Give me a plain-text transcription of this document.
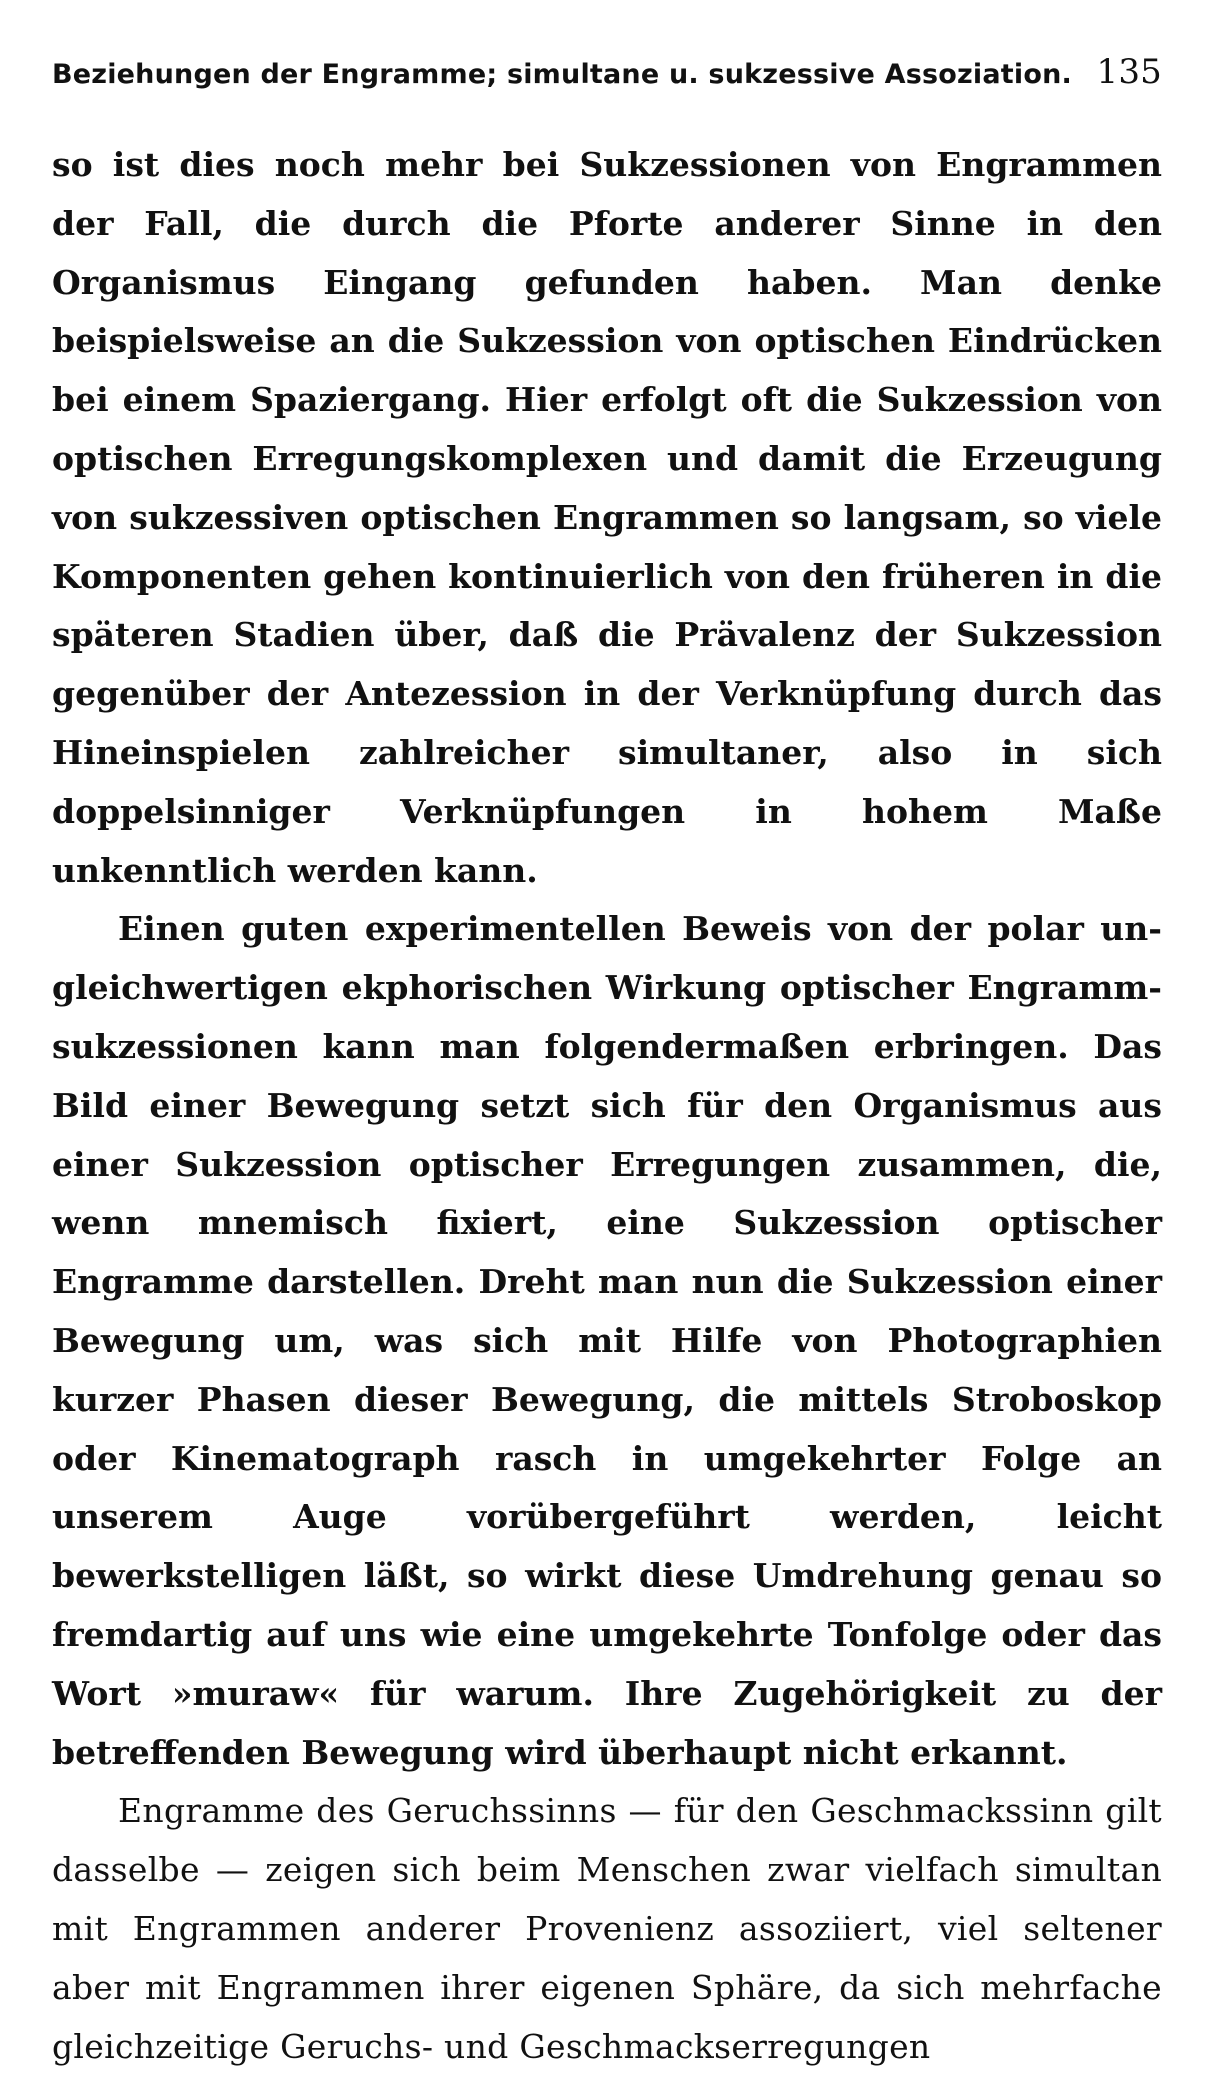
Beziehungen der Engramme; simultane u. sukzessive Assoziation. 135

so ist dies noch mehr bei Sukzessionen von Engrammen der Fall, die durch die Pforte anderer Sinne in den Organismus Eingang gefunden haben. Man denke beispielsweise an die Sukzession von optischen Eindrücken bei einem Spaziergang. Hier erfolgt oft die Sukzession von optischen Erregungskomplexen und damit die Erzeugung von sukzessiven optischen Engrammen so langsam, so viele Komponenten gehen kontinuierlich von den früheren in die späteren Stadien über, daß die Prävalenz der Sukzession gegenüber der Antezession in der Verknüpfung durch das Hineinspielen zahlreicher simultaner, also in sich doppelsinniger Verknüpfungen in hohem Maße unkenntlich werden kann.

Einen guten experimentellen Beweis von der polar ungleichwertigen ekphorischen Wirkung optischer Engrammsukzessionen kann man folgendermaßen erbringen. Das Bild einer Bewegung setzt sich für den Organismus aus einer Sukzession optischer Erregungen zusammen, die, wenn mnemisch fixiert, eine Sukzession optischer Engramme darstellen. Dreht man nun die Sukzession einer Bewegung um, was sich mit Hilfe von Photographien kurzer Phasen dieser Bewegung, die mittels Stroboskop oder Kinematograph rasch in umgekehrter Folge an unserem Auge vorübergeführt werden, leicht bewerkstelligen läßt, so wirkt diese Umdrehung genau so fremdartig auf uns wie eine umgekehrte Tonfolge oder das Wort »muraw« für warum. Ihre Zugehörigkeit zu der betreffenden Bewegung wird überhaupt nicht erkannt.

Engramme des Geruchssinns — für den Geschmackssinn gilt dasselbe — zeigen sich beim Menschen zwar vielfach simultan mit Engrammen anderer Provenienz assoziiert, viel seltener aber mit Engrammen ihrer eigenen Sphäre, da sich mehrfache gleichzeitige Geruchs- und Geschmackserregungen
